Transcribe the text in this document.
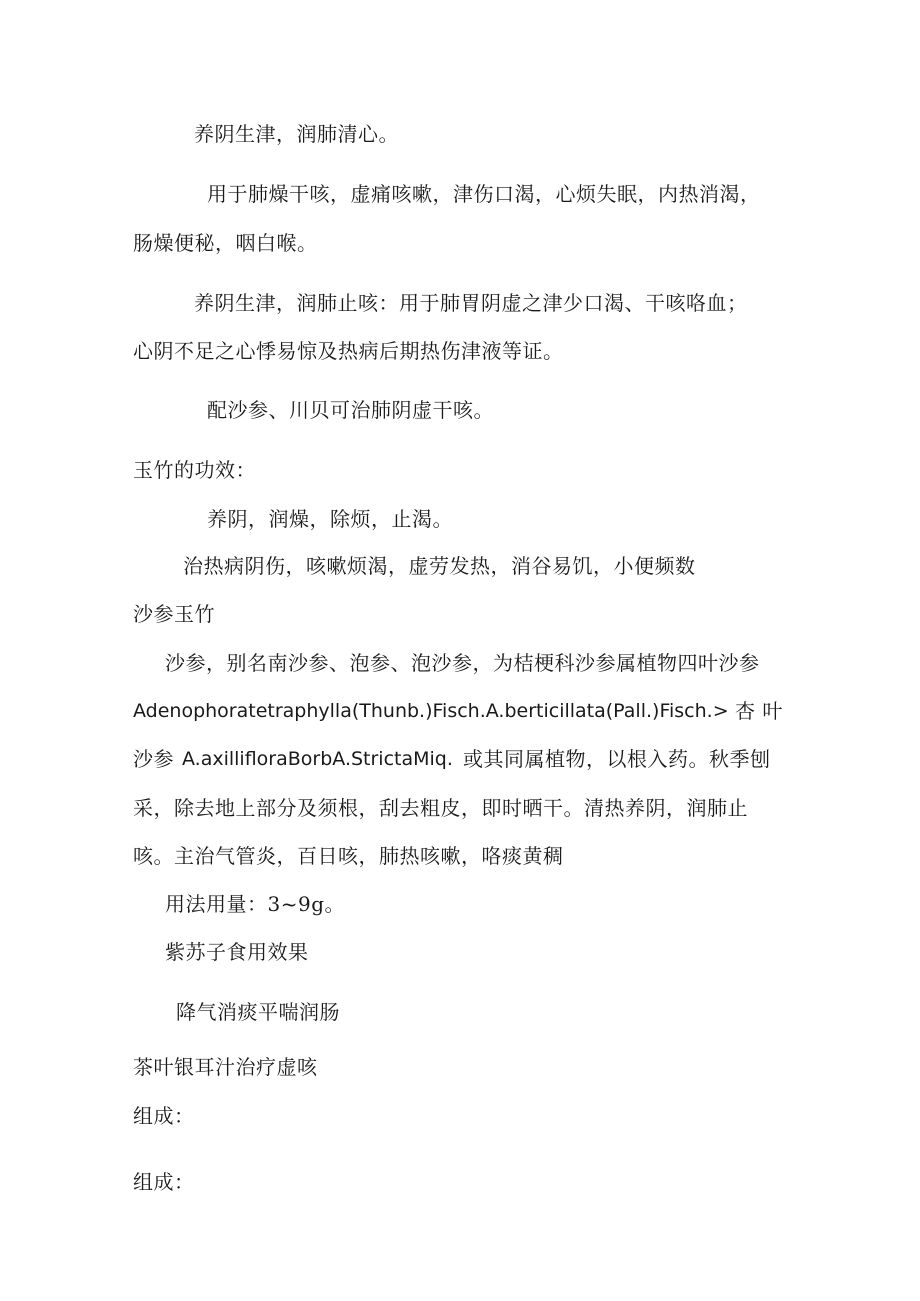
养阴生津，润肺清心。
用于肺燥干咳，虚痛咳嗽，津伤口渴，心烦失眠，内热消渴，
肠燥便秘，咽白喉。
养阴生津，润肺止咳：用于肺胃阴虚之津少口渴、干咳咯血；
心阴不足之心悸易惊及热病后期热伤津液等证。
配沙参、川贝可治肺阴虚干咳。
玉竹的功效：
养阴，润燥，除烦，止渴。
治热病阴伤，咳嗽烦渴，虚劳发热，消谷易饥，小便频数
沙参玉竹
沙参，别名南沙参、泡参、泡沙参，为桔梗科沙参属植物四叶沙参
Adenophoratetraphylla(Thunb.)Fisch.A.berticillata(Pall.)Fisch.> 杏 叶
沙参 A.axillifloraBorbA.StrictaMiq. 或其同属植物，以根入药。秋季刨
采，除去地上部分及须根，刮去粗皮，即时晒干。清热养阴，润肺止
咳。主治气管炎，百日咳，肺热咳嗽，咯痰黄稠
用法用量：3~9g。
紫苏子食用效果
降气消痰平喘润肠
茶叶银耳汁治疗虚咳
组成：
组成：
